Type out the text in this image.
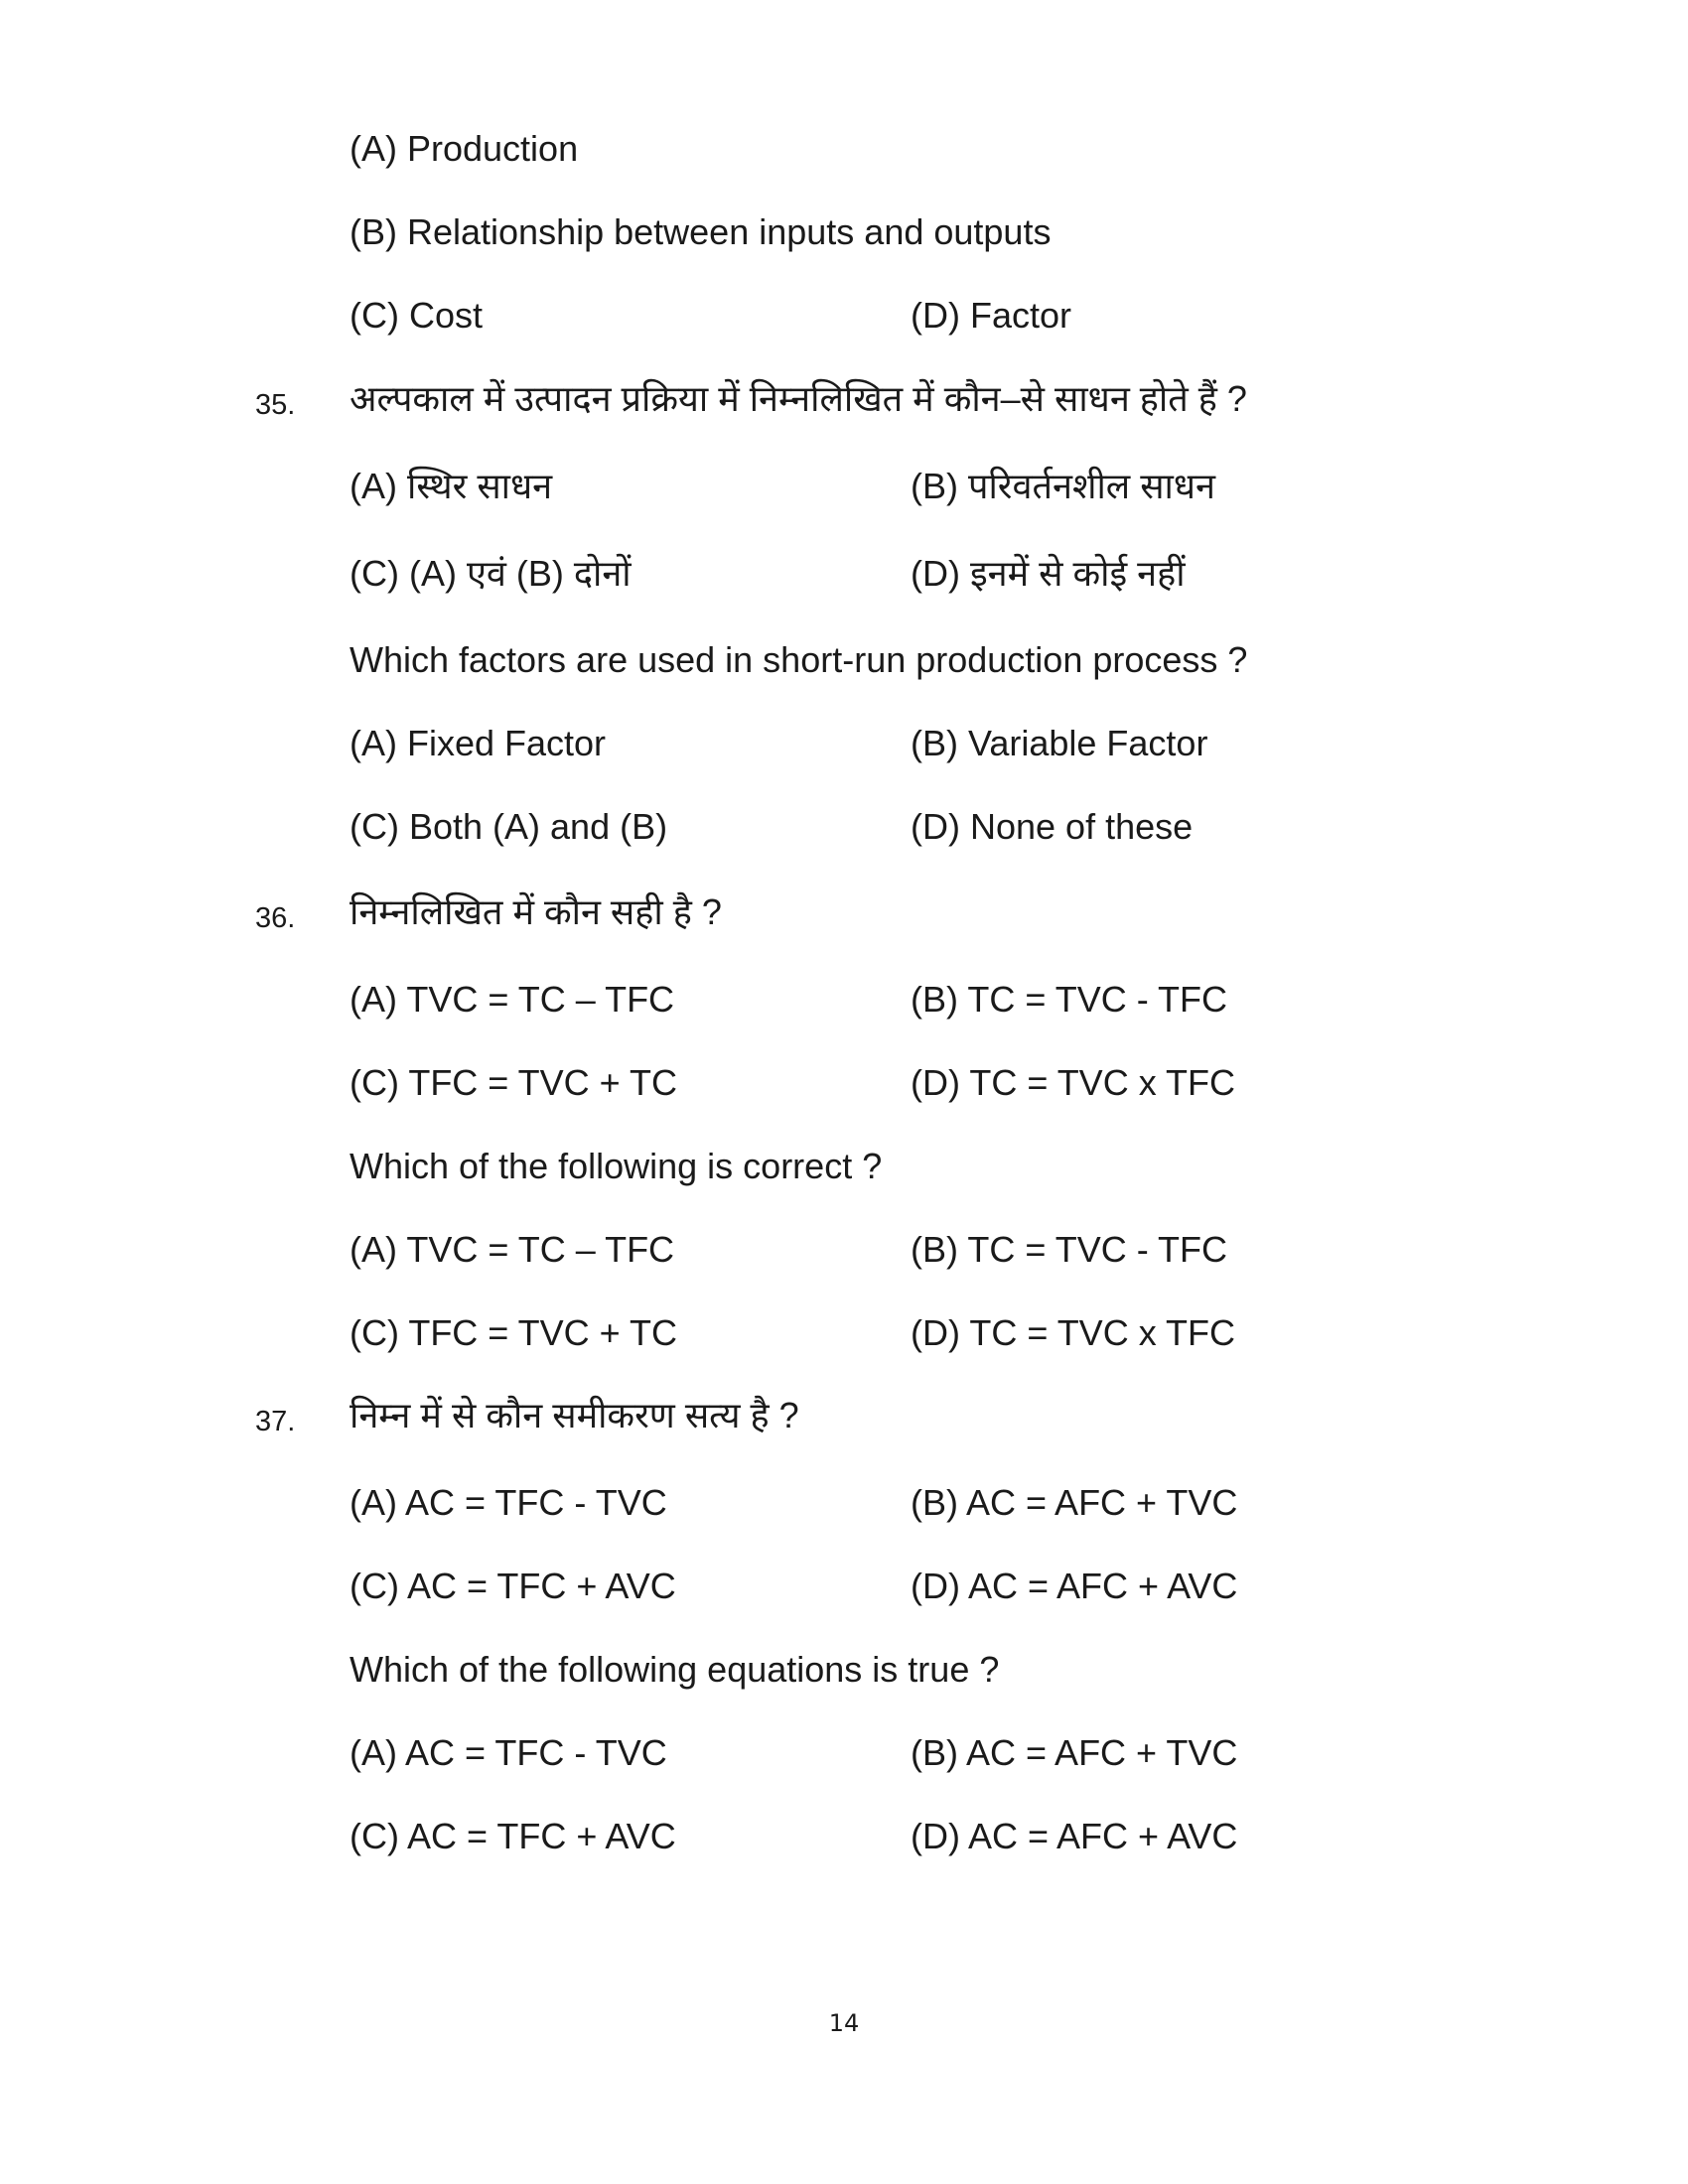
(A) Production
(B) Relationship between inputs and outputs
(C) Cost	(D) Factor
35. अल्पकाल में उत्पादन प्रक्रिया में निम्नलिखित में कौन–से साधन होते हैं ?
(A) स्थिर साधन	(B) परिवर्तनशील साधन
(C) (A) एवं (B) दोनों	(D) इनमें से कोई नहीं
Which factors are used in short-run production process ?
(A) Fixed Factor	(B) Variable Factor
(C) Both (A) and (B)	(D) None of these
36. निम्नलिखित में कौन सही है ?
(A) TVC = TC – TFC	(B) TC = TVC - TFC
(C) TFC = TVC + TC	(D) TC = TVC x TFC
Which of the following is correct ?
(A) TVC = TC – TFC	(B) TC = TVC - TFC
(C) TFC = TVC + TC	(D) TC = TVC x TFC
37. निम्न में से कौन समीकरण सत्य है ?
(A) AC = TFC - TVC	(B) AC = AFC + TVC
(C) AC = TFC + AVC	(D) AC = AFC + AVC
Which of the following equations is true ?
(A) AC = TFC - TVC	(B) AC = AFC + TVC
(C) AC = TFC + AVC	(D) AC = AFC + AVC
14
